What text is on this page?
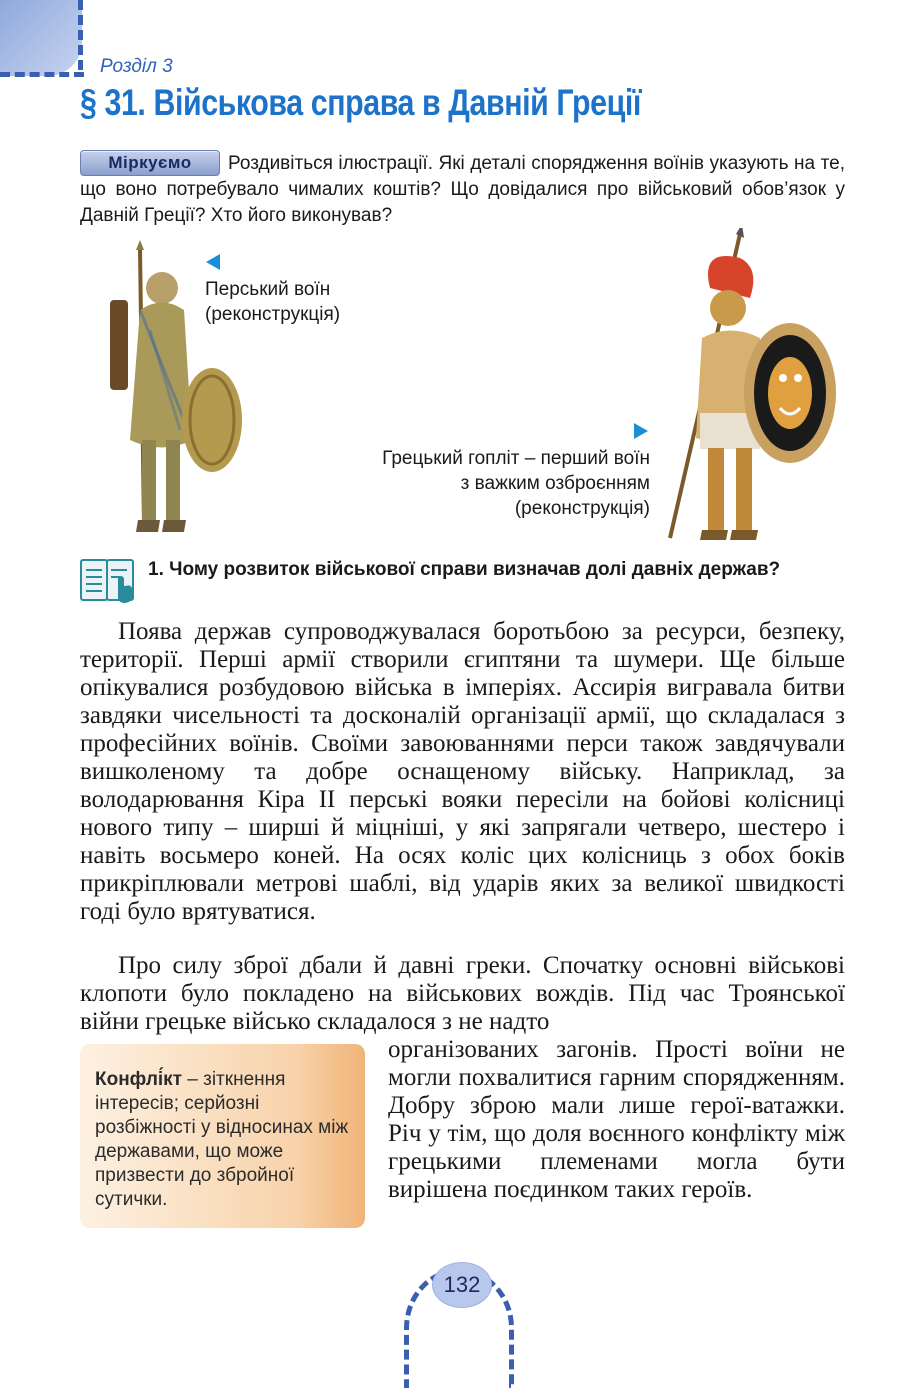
Розділ 3
§ 31. Військова справа в Давній Греції
Роздивіться ілюстрації. Які деталі спорядження воїнів указують на те, що воно потребувало чималих коштів? Що довідалися про військовий обов’язок у Давній Греції? Хто його виконував?
Міркуємо
Перський воїн
(реконструкція)
Грецький гопліт – перший воїн
з важким озброєнням
(реконструкція)
1. Чому розвиток військової справи визначав долі давніх держав?
Поява держав супроводжувалася боротьбою за ресурси, безпеку, території. Перші армії створили єгиптяни та шумери. Ще більше опікувалися розбудовою війська в імперіях. Ассирія вигравала битви завдяки чисельності та досконалій організації армії, що складалася з професійних воїнів. Своїми завоюваннями перси також завдячували вишколеному та добре оснащеному війську. Наприклад, за володарювання Кіра II перські вояки пересіли на бойові колісниці нового типу – ширші й міцніші, у які запрягали четверо, шестеро і навіть восьмеро коней. На осях коліс цих колісниць з обох боків прикріплювали метрові шаблі, від ударів яких за великої швидкості годі було врятуватися.
Про силу зброї дбали й давні греки. Спочатку основні військові клопоти було покладено на військових вождів. Під час Троянської війни грецьке військо складалося з не надто
організованих загонів. Прості воїни не могли похвалитися гарним спорядженням. Добру зброю мали лише герої-ватажки. Річ у тім, що доля воєнного конфлікту між грецькими племенами могла бути вирішена поєдинком таких героїв.
Конфлі́кт – зіткнення інтересів; серйозні розбіжності у відносинах між державами, що може призвести до збройної сутички.
132
